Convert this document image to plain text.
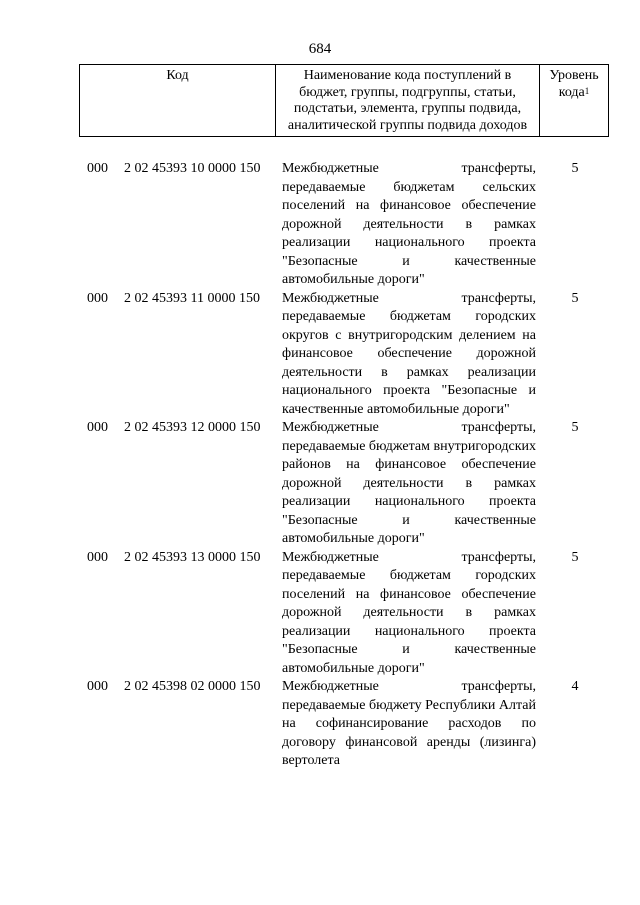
684
Код	Наименование кода поступлений в бюджет, группы, подгруппы, статьи, подстатьи, элемента, группы подвида, аналитической группы подвида доходов
Уровень кода$^1$
000 2 02 45393 10 0000 150 Межбюджетные трансферты, передаваемые бюджетам сельских поселений на финансовое обеспечение дорожной деятельности в рамках реализации национального проекта "Безопасные и качественные автомобильные дороги"
5
000 2 02 45393 11 0000 150 Межбюджетные трансферты, передаваемые бюджетам городских округов с внутригородским делением на финансовое обеспечение дорожной деятельности в рамках реализации национального проекта "Безопасные и качественные автомобильные дороги"
5
000 2 02 45393 12 0000 150 Межбюджетные трансферты, передаваемые бюджетам внутригородских районов на финансовое обеспечение дорожной деятельности в рамках реализации национального проекта "Безопасные и качественные автомобильные дороги"
5
000 2 02 45393 13 0000 150 Межбюджетные трансферты, передаваемые бюджетам городских поселений на финансовое обеспечение дорожной деятельности в рамках реализации национального проекта "Безопасные и качественные автомобильные дороги"
5
000 2 02 45398 02 0000 150 Межбюджетные трансферты, передаваемые бюджету Республики Алтай на софинансирование расходов по договору финансовой аренды (лизинга) вертолета
4
